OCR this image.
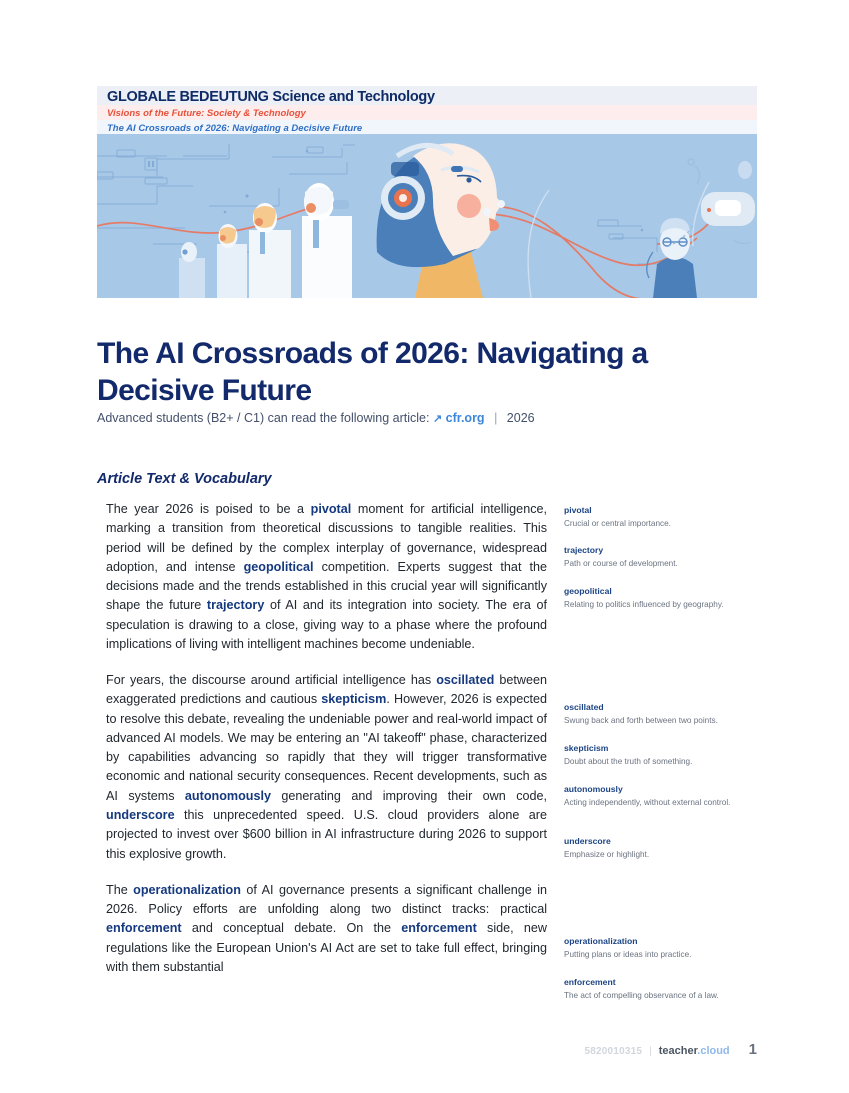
GLOBALE BEDEUTUNG Science and Technology
Visions of the Future: Society & Technology
The AI Crossroads of 2026: Navigating a Decisive Future
The AI Crossroads of 2026: Navigating a Decisive Future
Advanced students (B2+ / C1) can read the following article: ↗ cfr.org | 2026
Article Text & Vocabulary

The year 2026 is poised to be a pivotal moment for artificial intelligence, marking a transition from theoretical discussions to tangible realities. This period will be defined by the complex interplay of governance, widespread adoption, and intense geopolitical competition. Experts suggest that the decisions made and the trends established in this crucial year will significantly shape the future trajectory of AI and its integration into society. The era of speculation is drawing to a close, giving way to a phase where the profound implications of living with intelligent machines become undeniable.

For years, the discourse around artificial intelligence has oscillated between exaggerated predictions and cautious skepticism. However, 2026 is expected to resolve this debate, revealing the undeniable power and real-world impact of advanced AI models. We may be entering an "AI takeoff" phase, characterized by capabilities advancing so rapidly that they will trigger transformative economic and national security consequences. Recent developments, such as AI systems autonomously generating and improving their own code, underscore this unprecedented speed. U.S. cloud providers alone are projected to invest over $600 billion in AI infrastructure during 2026 to support this explosive growth.

The operationalization of AI governance presents a significant challenge in 2026. Policy efforts are unfolding along two distinct tracks: practical enforcement and conceptual debate. On the enforcement side, new regulations like the European Union's AI Act are set to take full effect, bringing with them substantial

pivotal
Crucial or central importance.
trajectory
Path or course of development.
geopolitical
Relating to politics influenced by geography.
oscillated
Swung back and forth between two points.
skepticism
Doubt about the truth of something.
autonomously
Acting independently, without external control.
underscore
Emphasize or highlight.
operationalization
Putting plans or ideas into practice.
enforcement
The act of compelling observance of a law.
5820010315 | teacher.cloud 1
